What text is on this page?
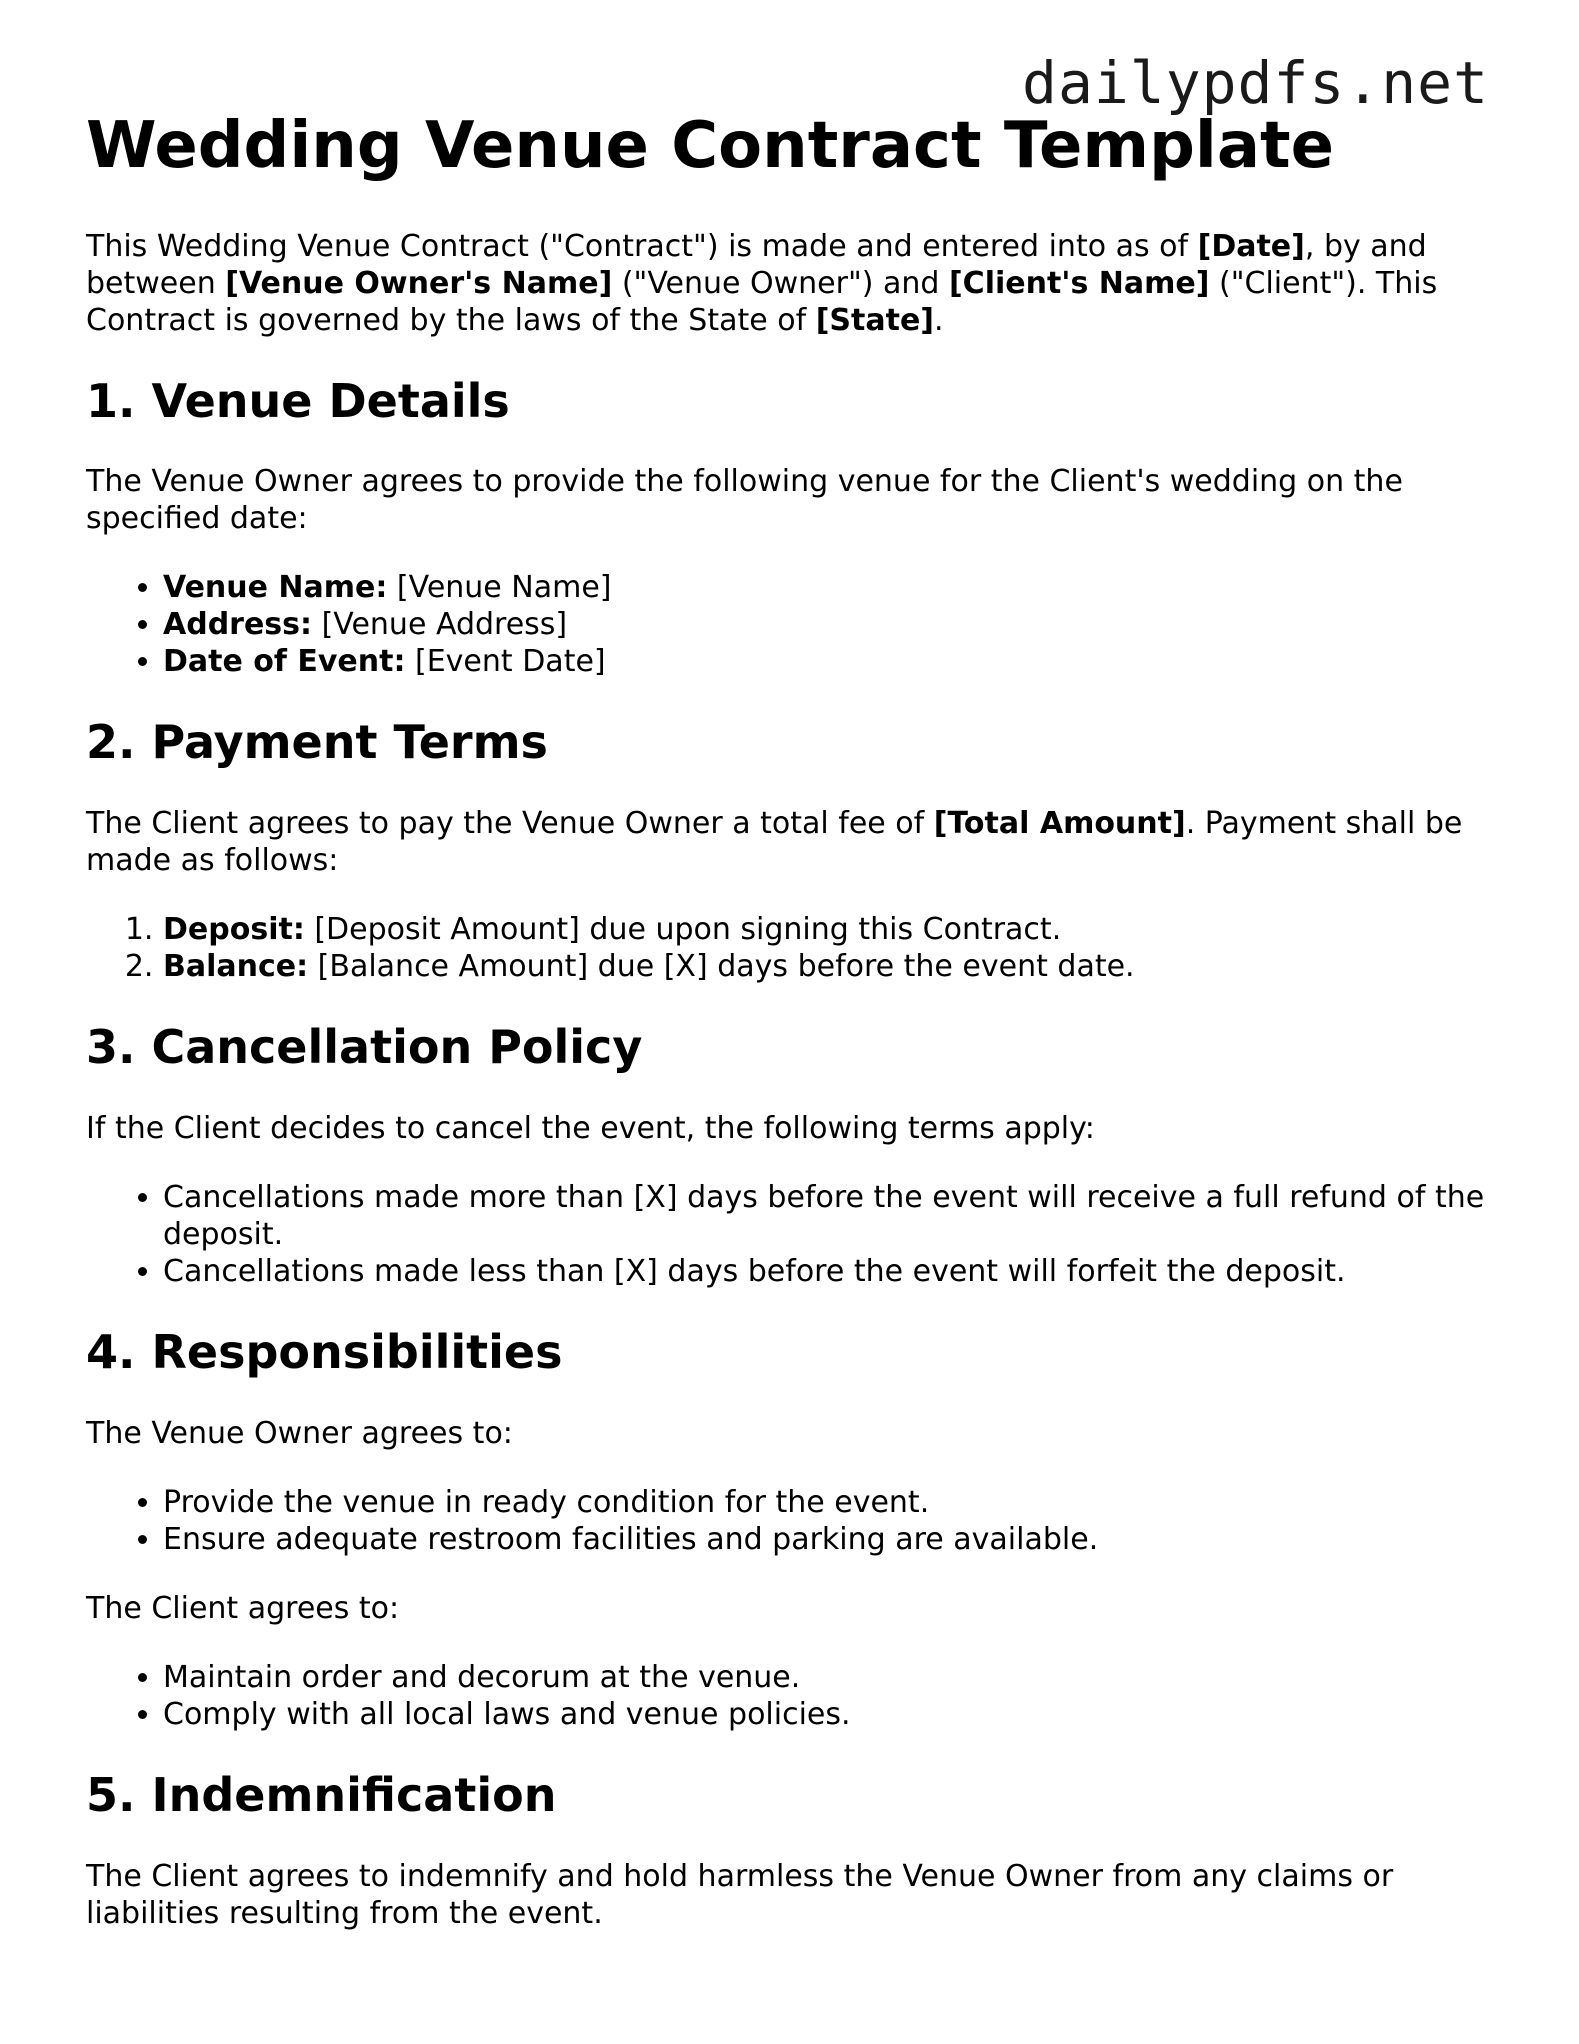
dailypdfs.net
Wedding Venue Contract Template

This Wedding Venue Contract ("Contract") is made and entered into as of [Date], by and between [Venue Owner's Name] ("Venue Owner") and [Client's Name] ("Client"). This Contract is governed by the laws of the State of [State].

1. Venue Details

The Venue Owner agrees to provide the following venue for the Client's wedding on the specified date:

• Venue Name: [Venue Name]
• Address: [Venue Address]
• Date of Event: [Event Date]
2. Payment Terms

The Client agrees to pay the Venue Owner a total fee of [Total Amount]. Payment shall be made as follows:

1. Deposit: [Deposit Amount] due upon signing this Contract.
2. Balance: [Balance Amount] due [X] days before the event date.
3. Cancellation Policy

If the Client decides to cancel the event, the following terms apply:

• Cancellations made more than [X] days before the event will receive a full refund of the deposit.
• Cancellations made less than [X] days before the event will forfeit the deposit.
4. Responsibilities

The Venue Owner agrees to:

• Provide the venue in ready condition for the event.
• Ensure adequate restroom facilities and parking are available.

The Client agrees to:

• Maintain order and decorum at the venue.
• Comply with all local laws and venue policies.
5. Indemnification

The Client agrees to indemnify and hold harmless the Venue Owner from any claims or liabilities resulting from the event.
